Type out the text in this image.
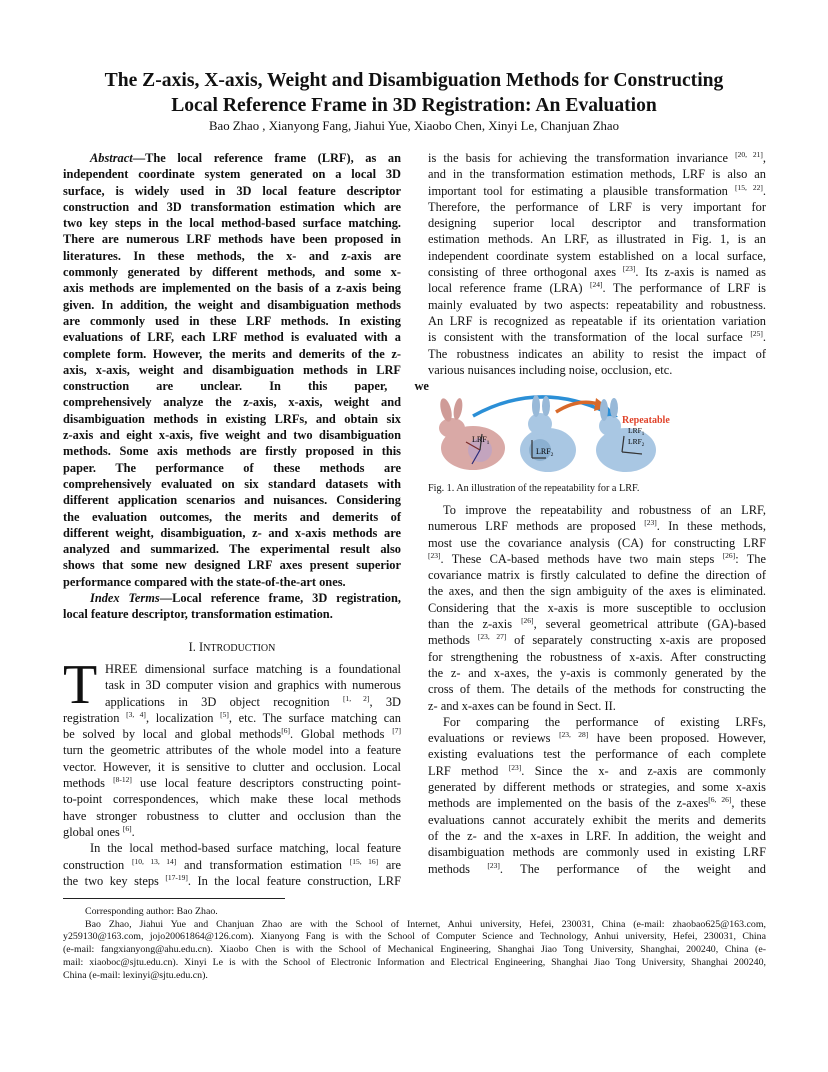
The Z-axis, X-axis, Weight and Disambiguation Methods for Constructing
Local Reference Frame in 3D Registration: An Evaluation
Bao Zhao , Xianyong Fang, Jiahui Yue, Xiaobo Chen, Xinyi Le, Chanjuan Zhao
Abstract—The local reference frame (LRF), as an
independent coordinate system generated on a local 3D
surface, is widely used in 3D local feature descriptor
construction and 3D transformation estimation which are
two key steps in the local method-based surface matching.
There are numerous LRF methods have been proposed in
literatures. In these methods, the x- and z-axis are
commonly generated by different methods, and some x-
axis methods are implemented on the basis of a z-axis being
given. In addition, the weight and disambiguation methods
are commonly used in these LRF methods. In existing
evaluations of LRF, each LRF method is evaluated with a
complete form. However, the merits and demerits of the z-
axis, x-axis, weight and disambiguation methods in LRF
construction are unclear. In this paper, we
comprehensively analyze the z-axis, x-axis, weight and
disambiguation methods in existing LRFs, and obtain six
z-axis and eight x-axis, five weight and two disambiguation
methods. Some axis methods are firstly proposed in this
paper. The performance of these methods are
comprehensively evaluated on six standard datasets with
different application scenarios and nuisances. Considering
the evaluation outcomes, the merits and demerits of
different weight, disambiguation, z- and x-axis methods are
analyzed and summarized. The experimental result also
shows that some new designed LRF axes present superior
performance compared with the state-of-the-art ones.
Index Terms—Local reference frame, 3D registration,
local feature descriptor, transformation estimation.
I. INTRODUCTION
T HREE dimensional surface matching is a foundational
task in 3D computer vision and graphics with numerous
applications in 3D object recognition [1, 2], 3D
registration [3, 4], localization [5], etc. The surface matching can
be solved by local and global methods[6]. Global methods [7]
turn the geometric attributes of the whole model into a feature
vector. However, it is sensitive to clutter and occlusion. Local
methods [8-12] use local feature descriptors constructing point-
to-point correspondences, which make these local methods
have stronger robustness to clutter and occlusion than the
global ones [6].
In the local method-based surface matching, local feature
construction [10, 13, 14] and transformation estimation [15, 16] are
the two key steps [17-19]. In the local feature construction, LRF
is the basis for achieving the transformation invariance [20, 21],
and in the transformation estimation methods, LRF is also an
important tool for estimating a plausible transformation [15, 22].
Therefore, the performance of LRF is very important for
designing superior local descriptor and transformation
estimation methods. An LRF, as illustrated in Fig. 1, is an
independent coordinate system established on a local surface,
consisting of three orthogonal axes [23]. Its z-axis is named as
local reference frame (LRA) [24]. The performance of LRF is
mainly evaluated by two aspects: repeatability and robustness.
An LRF is recognized as repeatable if its orientation variation
is consistent with the transformation of the local surface [25].
The robustness indicates an ability to resist the impact of
various nuisances including noise, occlusion, etc.
$LRF_1$
$LRF_2$
Repeatable
$LRF_1$
$LRF_2$
Fig. 1. An illustration of the repeatability for a LRF.
To improve the repeatability and robustness of an LRF,
numerous LRF methods are proposed [23]. In these methods,
most use the covariance analysis (CA) for constructing LRF
[23]. These CA-based methods have two main steps [26]: The
covariance matrix is firstly calculated to define the direction of
the axes, and then the sign ambiguity of the axes is eliminated.
Considering that the x-axis is more susceptible to occlusion
than the z-axis [26], several geometrical attribute (GA)-based
methods [23, 27] of separately constructing x-axis are proposed
for strengthening the robustness of x-axis. After constructing
the z- and x-axes, the y-axis is commonly generated by the
cross of them. The details of the methods for constructing the
z- and x-axes can be found in Sect. II.
For comparing the performance of existing LRFs,
evaluations or reviews [23, 28] have been proposed. However,
existing evaluations test the performance of each complete
LRF method [23]. Since the x- and z-axis are commonly
generated by different methods or strategies, and some x-axis
methods are implemented on the basis of the z-axes[6, 26], these
evaluations cannot accurately exhibit the merits and demerits
of the z- and the x-axes in LRF. In addition, the weight and
disambiguation methods are commonly used in existing LRF
methods [23]. The performance of the weight and
Corresponding author: Bao Zhao.
Bao Zhao, Jiahui Yue and Chanjuan Zhao are with the School of Internet, Anhui university, Hefei, 230031, China (e-mail: zhaobao625@163.com,
y259130@163.com, jojo20061864@126.com). Xianyong Fang is with the School of Computer Science and Technology, Anhui university, Hefei, 230031, China
(e-mail: fangxianyong@ahu.edu.cn). Xiaobo Chen is with the School of Mechanical Engineering, Shanghai Jiao Tong University, Shanghai, 200240, China (e-
mail: xiaoboc@sjtu.edu.cn). Xinyi Le is with the School of Electronic Information and Electrical Engineering, Shanghai Jiao Tong University, Shanghai 200240,
China (e-mail: lexinyi@sjtu.edu.cn).
